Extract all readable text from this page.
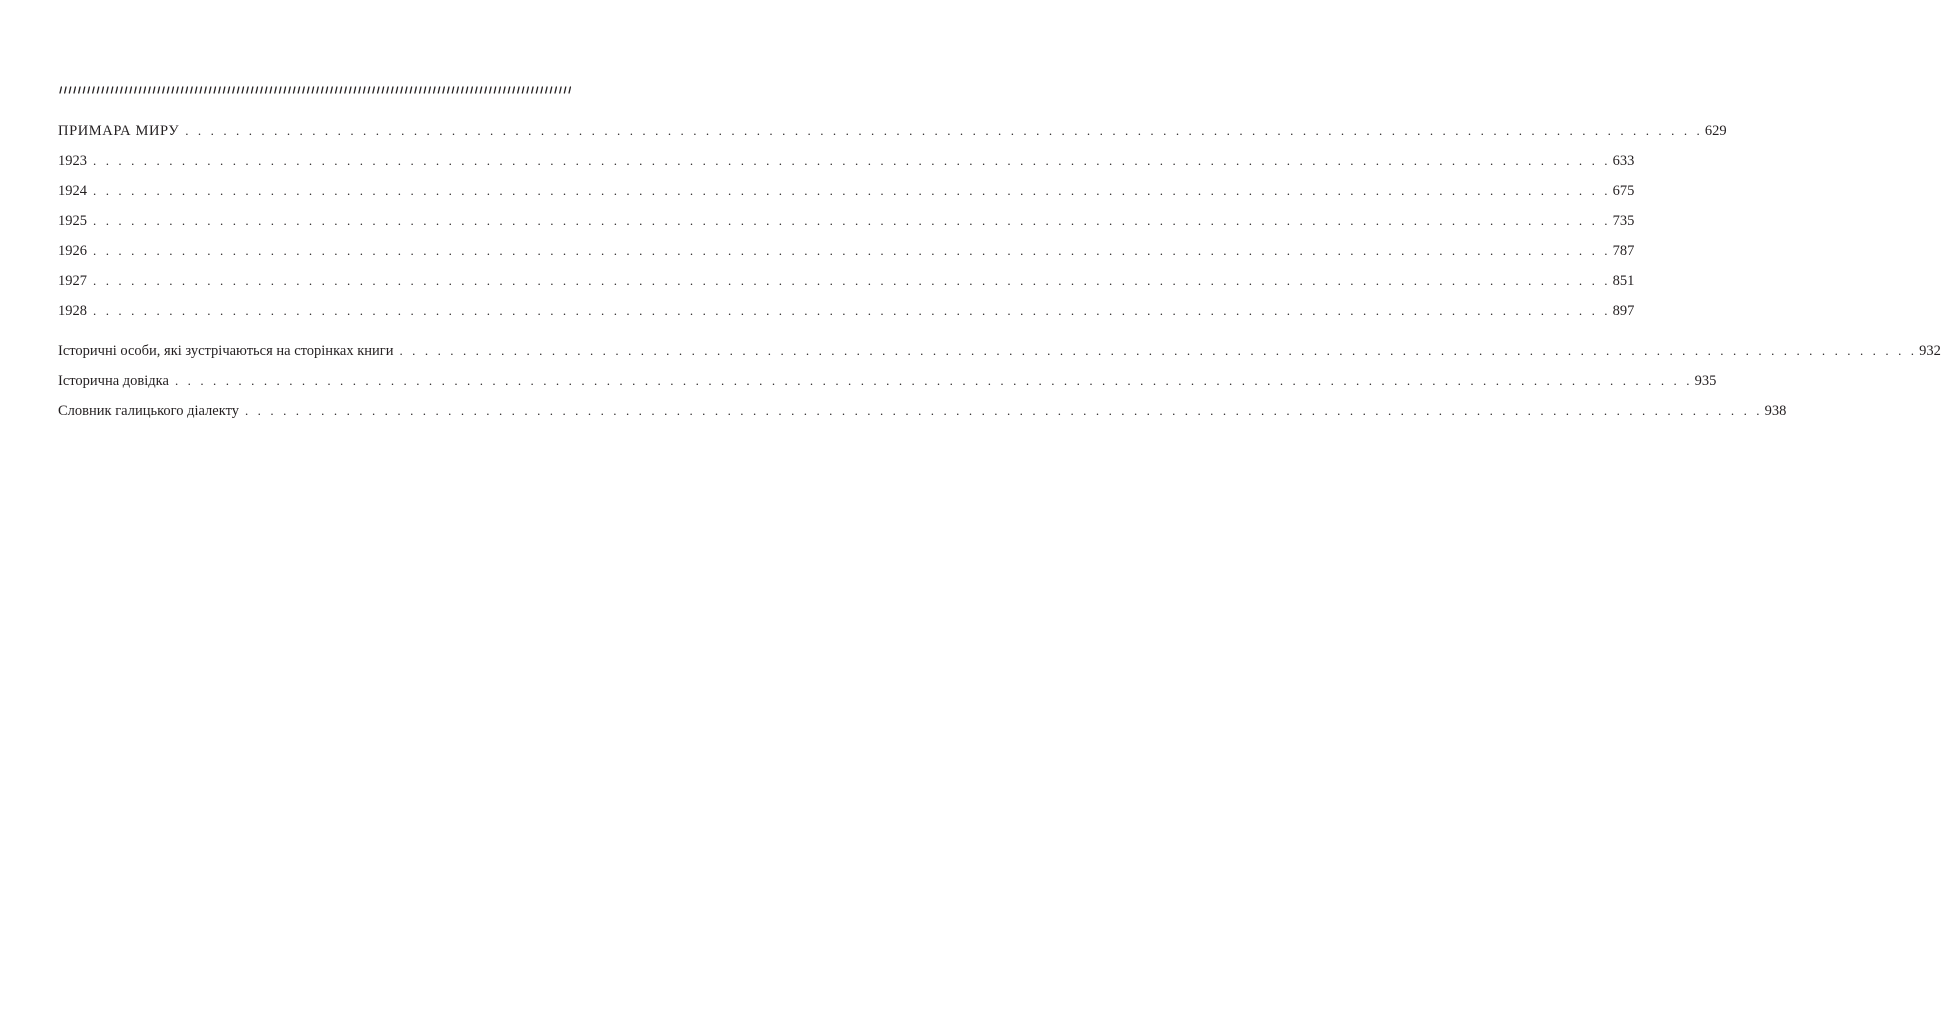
ПРИМАРА МИРУ . . . . . . . . . . . . . . . . . . . . . . . . . . . . . . . . . . . . . . . . . . . . . . . . . . . . . . . . . . . . . . . . . . . . . . . . . . . . . . . . . . . . . . . . . . . . . . . . . . . . . . . . . . . . . . . . . . . . . . . . 629
1923 . . . . . . . . . . . . . . . . . . . . . . . . . . . . . . . . . . . . . . . . . . . . . . . . . . . . . . . . . . . . . . . . . . . . . . . . . . . . . . . . . . . . . . . . . . . . . . . . . . . . . . . . . . . . . . . . . . . . . . . . 633
1924 . . . . . . . . . . . . . . . . . . . . . . . . . . . . . . . . . . . . . . . . . . . . . . . . . . . . . . . . . . . . . . . . . . . . . . . . . . . . . . . . . . . . . . . . . . . . . . . . . . . . . . . . . . . . . . . . . . . . . . . . 675
1925 . . . . . . . . . . . . . . . . . . . . . . . . . . . . . . . . . . . . . . . . . . . . . . . . . . . . . . . . . . . . . . . . . . . . . . . . . . . . . . . . . . . . . . . . . . . . . . . . . . . . . . . . . . . . . . . . . . . . . . . . 735
1926 . . . . . . . . . . . . . . . . . . . . . . . . . . . . . . . . . . . . . . . . . . . . . . . . . . . . . . . . . . . . . . . . . . . . . . . . . . . . . . . . . . . . . . . . . . . . . . . . . . . . . . . . . . . . . . . . . . . . . . . . 787
1927 . . . . . . . . . . . . . . . . . . . . . . . . . . . . . . . . . . . . . . . . . . . . . . . . . . . . . . . . . . . . . . . . . . . . . . . . . . . . . . . . . . . . . . . . . . . . . . . . . . . . . . . . . . . . . . . . . . . . . . . . 851
1928 . . . . . . . . . . . . . . . . . . . . . . . . . . . . . . . . . . . . . . . . . . . . . . . . . . . . . . . . . . . . . . . . . . . . . . . . . . . . . . . . . . . . . . . . . . . . . . . . . . . . . . . . . . . . . . . . . . . . . . . . 897
Історичні особи, які зустрічаються на сторінках книги . . . . . . . . . . . . . . . . . . . . . . . . . . . . . . . . . . . . . . . . . . . . . . . . . . . . . . . . . . . . . . . . . . . . . . . . . . . . . . . . . . . . . . . . . . . . . . . . . . . . . . . . . . . . . . . . . . . . . . . . 932
Історична довідка . . . . . . . . . . . . . . . . . . . . . . . . . . . . . . . . . . . . . . . . . . . . . . . . . . . . . . . . . . . . . . . . . . . . . . . . . . . . . . . . . . . . . . . . . . . . . . . . . . . . . . . . . . . . . . . . . . . . . . . . 935
Словник галицького діалекту . . . . . . . . . . . . . . . . . . . . . . . . . . . . . . . . . . . . . . . . . . . . . . . . . . . . . . . . . . . . . . . . . . . . . . . . . . . . . . . . . . . . . . . . . . . . . . . . . . . . . . . . . . . . . . . . . . . . . . . . 938
